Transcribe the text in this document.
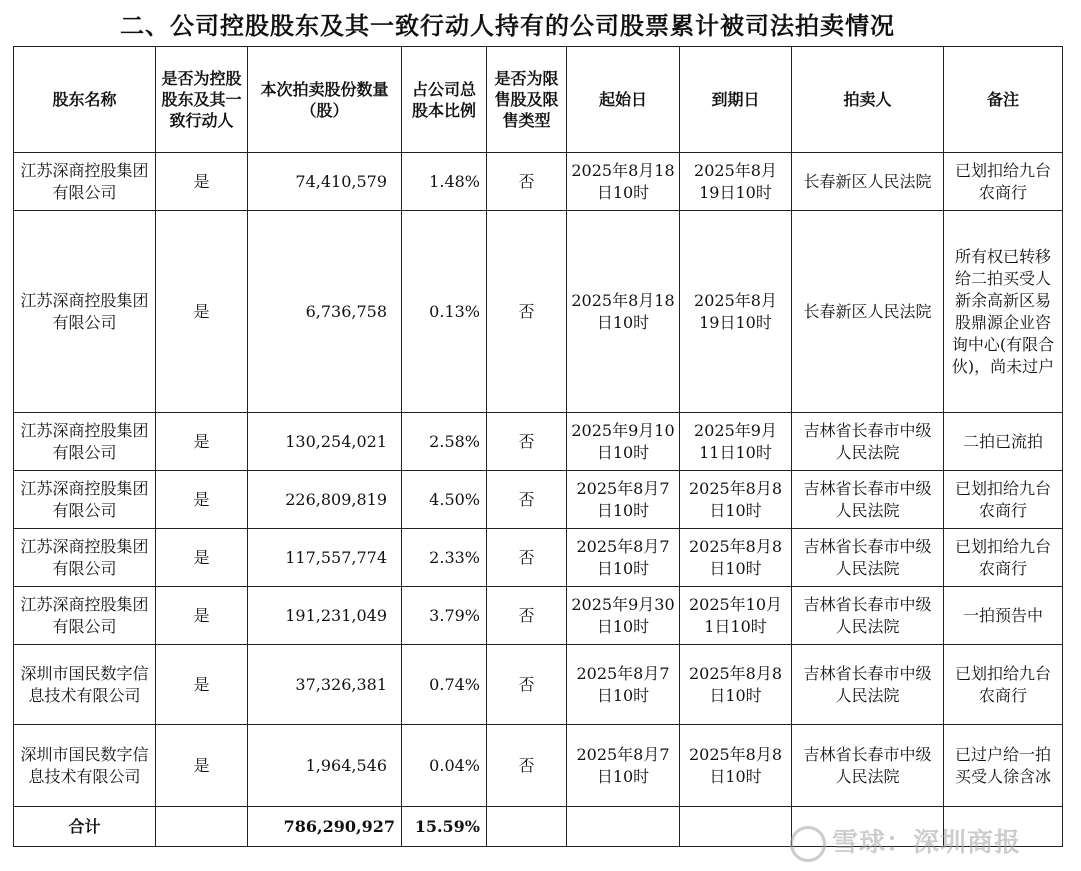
二、公司控股股东及其一致行动人持有的公司股票累计被司法拍卖情况
股东名称	是否为控股股东及其一致行动人	本次拍卖股份数量（股）	占公司总股本比例	是否为限售股及限售类型	起始日	到期日	拍卖人	备注
江苏深商控股集团有限公司	是	74,410,579	1.48%	否	2025年8月18日10时	2025年8月19日10时	长春新区人民法院	已划扣给九台农商行
江苏深商控股集团有限公司	是	6,736,758	0.13%	否	2025年8月18日10时	2025年8月19日10时	长春新区人民法院	所有权已转移给二拍买受人新余高新区易股鼎源企业咨询中心(有限合伙)，尚未过户
江苏深商控股集团有限公司	是	130,254,021	2.58%	否	2025年9月10日10时	2025年9月11日10时	吉林省长春市中级人民法院	二拍已流拍
江苏深商控股集团有限公司	是	226,809,819	4.50%	否	2025年8月7日10时	2025年8月8日10时	吉林省长春市中级人民法院	已划扣给九台农商行
江苏深商控股集团有限公司	是	117,557,774	2.33%	否	2025年8月7日10时	2025年8月8日10时	吉林省长春市中级人民法院	已划扣给九台农商行
江苏深商控股集团有限公司	是	191,231,049	3.79%	否	2025年9月30日10时	2025年10月1日10时	吉林省长春市中级人民法院	一拍预告中
深圳市国民数字信息技术有限公司	是	37,326,381	0.74%	否	2025年8月7日10时	2025年8月8日10时	吉林省长春市中级人民法院	已划扣给九台农商行
深圳市国民数字信息技术有限公司	是	1,964,546	0.04%	否	2025年8月7日10时	2025年8月8日10时	吉林省长春市中级人民法院	已过户给一拍买受人徐含冰
合计		786,290,927	15.59%					
雪球：深圳商报
